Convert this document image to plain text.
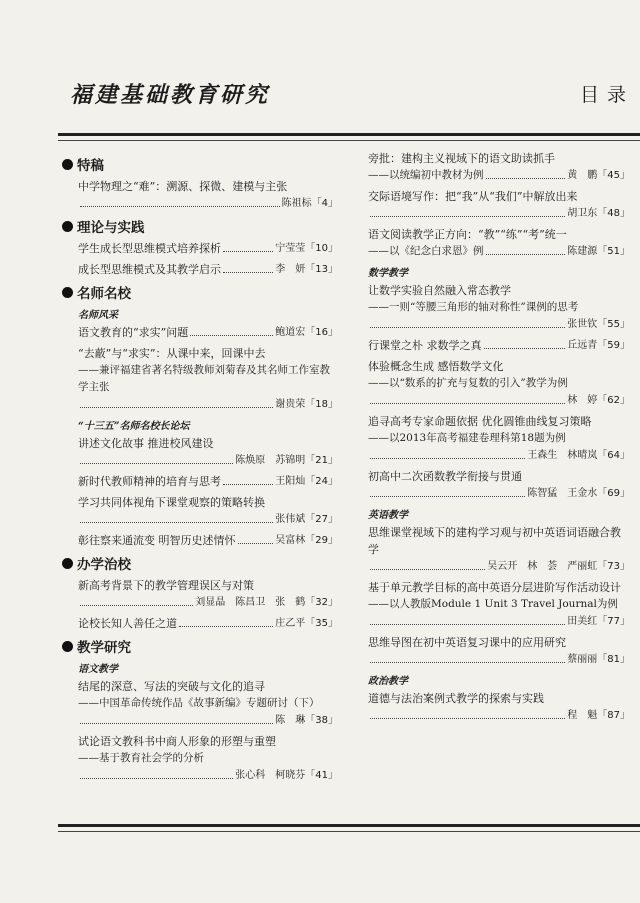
福建基础教育研究	目录
特稿
中学物理之“难”：溯源、探微、建模与主张
陈祖标 「4」
理论与实践
学生成长型思维模式培养探析	宁莹莹 「10」
成长型思维模式及其教学启示	李　妍 「13」
名师名校
名师风采
语文教育的“求实”问题	鲍道宏 「16」
“去蔽”与“求实”：从课中来，回课中去
——兼评福建省著名特级教师刘菊春及其名师工作室教学主张
谢贵荣 「18」
“十三五”名师名校长论坛
讲述文化故事 推进校风建设
陈焕原　苏锦明 「21」
新时代教师精神的培育与思考	王阳灿 「24」
学习共同体视角下课堂观察的策略转换
张伟斌 「27」
彰往察来通流变 明智历史述情怀	吴富林 「29」
办学治校
新高考背景下的教学管理误区与对策
刘显晶　陈昌卫　张　鹤 「32」
论校长知人善任之道	庄乙平 「35」
教学研究
语文教学
结尾的深意、写法的突破与文化的追寻
——中国革命传统作品《故事新编》专题研讨（下）
陈　琳 「38」
试论语文教科书中商人形象的形塑与重塑
——基于教育社会学的分析
张心科　柯晓芬 「41」
旁批：建构主义视域下的语文助读抓手
——以统编初中教材为例	黄　鹏 「45」
交际语境写作：把“我”从“我们”中解放出来
胡卫东 「48」
语文阅读教学正方向：“教”“练”“考”统一
——以《纪念白求恩》例	陈建源 「51」
数学教学
让数学实验自然融入常态教学
——一则“等腰三角形的轴对称性”课例的思考
张世钦 「55」
行课堂之朴 求数学之真	丘远青 「59」
体验概念生成 感悟数学文化
——以“数系的扩充与复数的引入”教学为例
林　婷 「62」
追寻高考专家命题依据 优化圆锥曲线复习策略
——以2013年高考福建卷理科第18题为例
王森生　林晴岚 「64」
初高中二次函数教学衔接与贯通
陈智猛　王金水 「69」
英语教学
思维课堂视域下的建构学习观与初中英语词语融合教学
吴云开　林　荟　严丽虹 「73」
基于单元教学目标的高中英语分层进阶写作活动设计
——以人教版Module 1 Unit 3 Travel Journal为例
田美红 「77」
思维导图在初中英语复习课中的应用研究
蔡丽丽 「81」
政治教学
道德与法治案例式教学的探索与实践
程　魁 「87」
